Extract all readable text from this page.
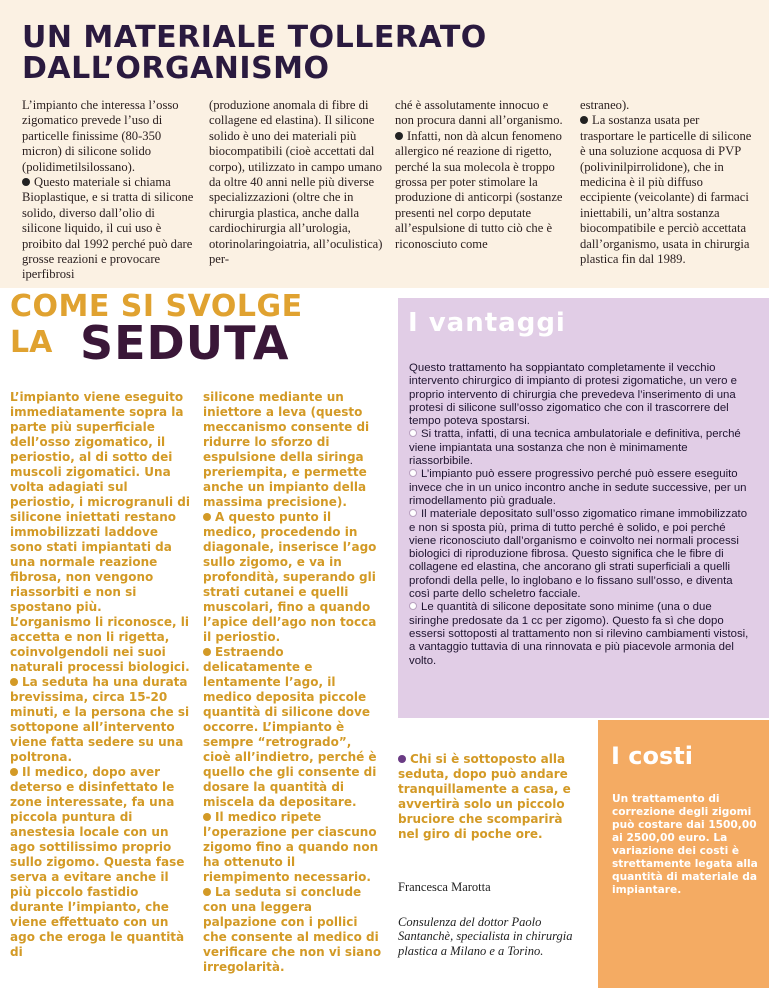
UN MATERIALE TOLLERATO DALL’ORGANISMO

L’impianto che interessa l’osso zigomatico prevede l’uso di particelle finissime (80-350 micron) di silicone solido (polidimetilsilossano).

Questo materiale si chiama Bioplastique, e si tratta di silicone solido, diverso dall’olio di silicone liquido, il cui uso è proibito dal 1992 perché può dare grosse reazioni e provocare iperfibrosi

(produzione anomala di fibre di collagene ed elastina). Il silicone solido è uno dei materiali più biocompatibili (cioè accettati dal corpo), utilizzato in campo umano da oltre 40 anni nelle più diverse specializzazioni (oltre che in chirurgia plastica, anche dalla cardiochirurgia all’urologia, otorinolaringoiatria, all’oculistica) per-

ché è assolutamente innocuo e non procura danni all’organismo.

Infatti, non dà alcun fenomeno allergico né reazione di rigetto, perché la sua molecola è troppo grossa per poter stimolare la produzione di anticorpi (sostanze presenti nel corpo deputate all’espulsione di tutto ciò che è riconosciuto come

estraneo).

La sostanza usata per trasportare le particelle di silicone è una soluzione acquosa di PVP (polivinilpirrolidone), che in medicina è il più diffuso eccipiente (veicolante) di farmaci iniettabili, un’altra sostanza biocompatibile e perciò accettata dall’organismo, usata in chirurgia plastica fin dal 1989.

COME SI SVOLGE
LA SEDUTA

L’impianto viene eseguito immediatamente sopra la parte più superficiale dell’osso zigomatico, il periostio, al di sotto dei muscoli zigomatici. Una volta adagiati sul periostio, i microgranuli di silicone iniettati restano immobilizzati laddove sono stati impiantati da una normale reazione fibrosa, non vengono riassorbiti e non si spostano più.

L’organismo li riconosce, li accetta e non li rigetta, coinvolgendoli nei suoi naturali processi biologici.

La seduta ha una durata brevissima, circa 15-20 minuti, e la persona che si sottopone all’intervento viene fatta sedere su una poltrona.

Il medico, dopo aver deterso e disinfettato le zone interessate, fa una piccola puntura di anestesia locale con un ago sottilissimo proprio sullo zigomo. Questa fase serva a evitare anche il più piccolo fastidio durante l’impianto, che viene effettuato con un ago che eroga le quantità di

silicone mediante un iniettore a leva (questo meccanismo consente di ridurre lo sforzo di espulsione della siringa preriempita, e permette anche un impianto della massima precisione).

A questo punto il medico, procedendo in diagonale, inserisce l’ago sullo zigomo, e va in profondità, superando gli strati cutanei e quelli muscolari, fino a quando l’apice dell’ago non tocca il periostio.

Estraendo delicatamente e lentamente l’ago, il medico deposita piccole quantità di silicone dove occorre. L’impianto è sempre “retrogrado”, cioè all’indietro, perché è quello che gli consente di dosare la quantità di miscela da depositare.

Il medico ripete l’operazione per ciascuno zigomo fino a quando non ha ottenuto il riempimento necessario.

La seduta si conclude con una leggera palpazione con i pollici che consente al medico di verificare che non vi siano irregolarità.

Chi si è sottoposto alla seduta, dopo può andare tranquillamente a casa, e avvertirà solo un piccolo bruciore che scomparirà nel giro di poche ore.

I vantaggi

Questo trattamento ha soppiantato completamente il vecchio intervento chirurgico di impianto di protesi zigomatiche, un vero e proprio intervento di chirurgia che prevedeva l’inserimento di una protesi di silicone sull’osso zigomatico che con il trascorrere del tempo poteva spostarsi.

Si tratta, infatti, di una tecnica ambulatoriale e definitiva, perché viene impiantata una sostanza che non è minimamente riassorbibile.

L’impianto può essere progressivo perché può essere eseguito invece che in un unico incontro anche in sedute successive, per un rimodellamento più graduale.

Il materiale depositato sull’osso zigomatico rimane immobilizzato e non si sposta più, prima di tutto perché è solido, e poi perché viene riconosciuto dall’organismo e coinvolto nei normali processi biologici di riproduzione fibrosa. Questo significa che le fibre di collagene ed elastina, che ancorano gli strati superficiali a quelli profondi della pelle, lo inglobano e lo fissano sull’osso, e diventa così parte dello scheletro facciale.

Le quantità di silicone depositate sono minime (una o due siringhe predosate da 1 cc per zigomo). Questo fa sì che dopo essersi sottoposti al trattamento non si rilevino cambiamenti vistosi, a vantaggio tuttavia di una rinnovata e più piacevole armonia del volto.

Francesca Marotta
Consulenza del dottor Paolo Santanchè, specialista in chirurgia plastica a Milano e a Torino.
I costi
Un trattamento di correzione degli zigomi può costare dai 1500,00 ai 2500,00 euro. La variazione dei costi è strettamente legata alla quantità di materiale da impiantare.
